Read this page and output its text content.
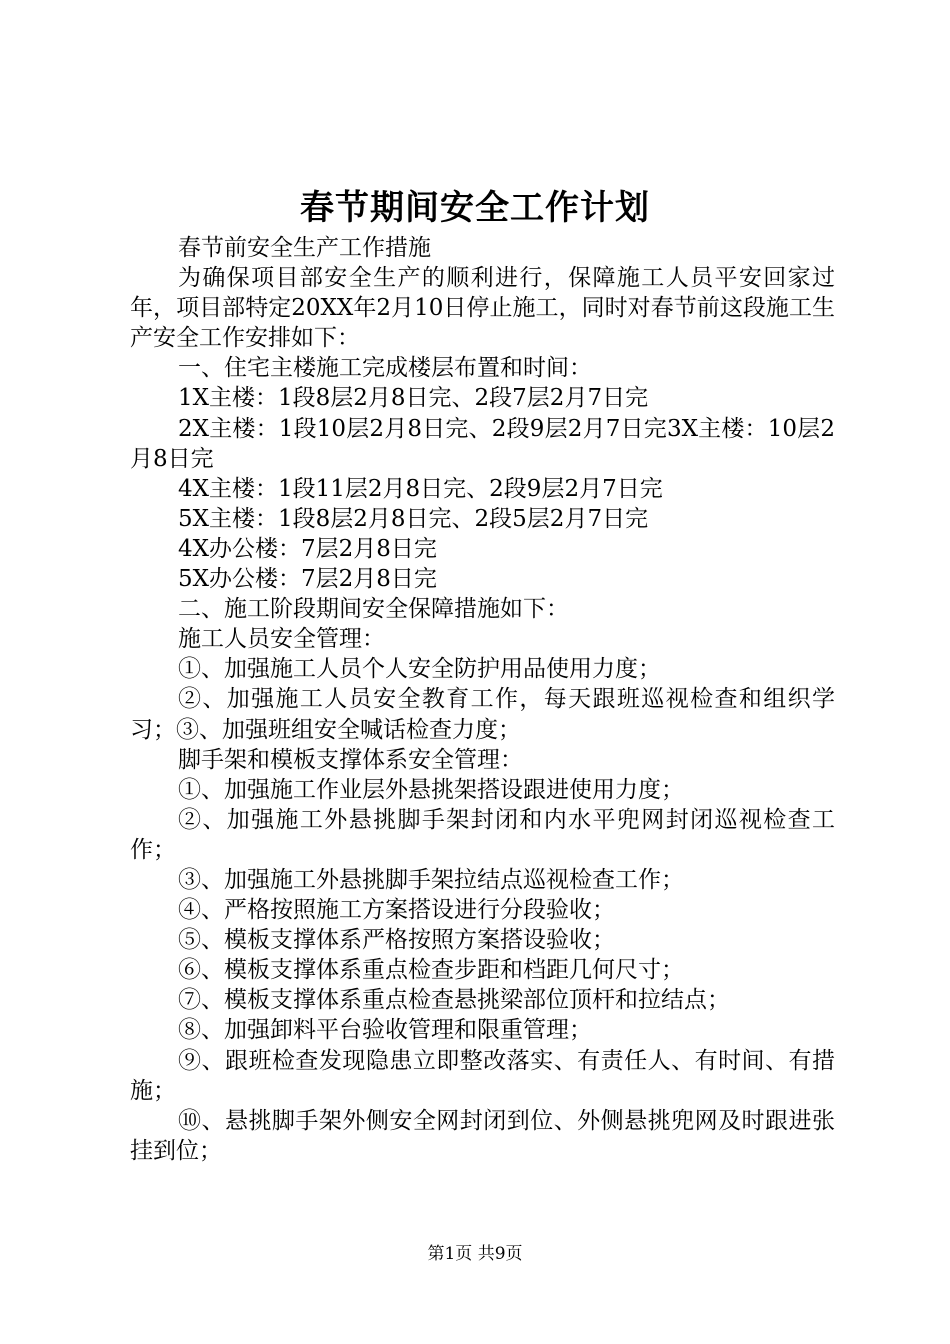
春节期间安全工作计划

春节前安全生产工作措施

为确保项目部安全生产的顺利进行，保障施工人员平安回家过年，项目部特定20XX年2月10日停止施工，同时对春节前这段施工生产安全工作安排如下：

一、住宅主楼施工完成楼层布置和时间：

1X主楼：1段8层2月8日完、2段7层2月7日完

2X主楼：1段10层2月8日完、2段9层2月7日完3X主楼：10层2月8日完

4X主楼：1段11层2月8日完、2段9层2月7日完

5X主楼：1段8层2月8日完、2段5层2月7日完

4X办公楼：7层2月8日完

5X办公楼：7层2月8日完

二、施工阶段期间安全保障措施如下：

施工人员安全管理：

①、加强施工人员个人安全防护用品使用力度；

②、加强施工人员安全教育工作，每天跟班巡视检查和组织学习；③、加强班组安全喊话检查力度；

脚手架和模板支撑体系安全管理：

①、加强施工作业层外悬挑架搭设跟进使用力度；

②、加强施工外悬挑脚手架封闭和内水平兜网封闭巡视检查工作；

③、加强施工外悬挑脚手架拉结点巡视检查工作；

④、严格按照施工方案搭设进行分段验收；

⑤、模板支撑体系严格按照方案搭设验收；

⑥、模板支撑体系重点检查步距和档距几何尺寸；

⑦、模板支撑体系重点检查悬挑梁部位顶杆和拉结点；

⑧、加强卸料平台验收管理和限重管理；

⑨、跟班检查发现隐患立即整改落实、有责任人、有时间、有措施；

⑩、悬挑脚手架外侧安全网封闭到位、外侧悬挑兜网及时跟进张挂到位；

第1页 共9页
